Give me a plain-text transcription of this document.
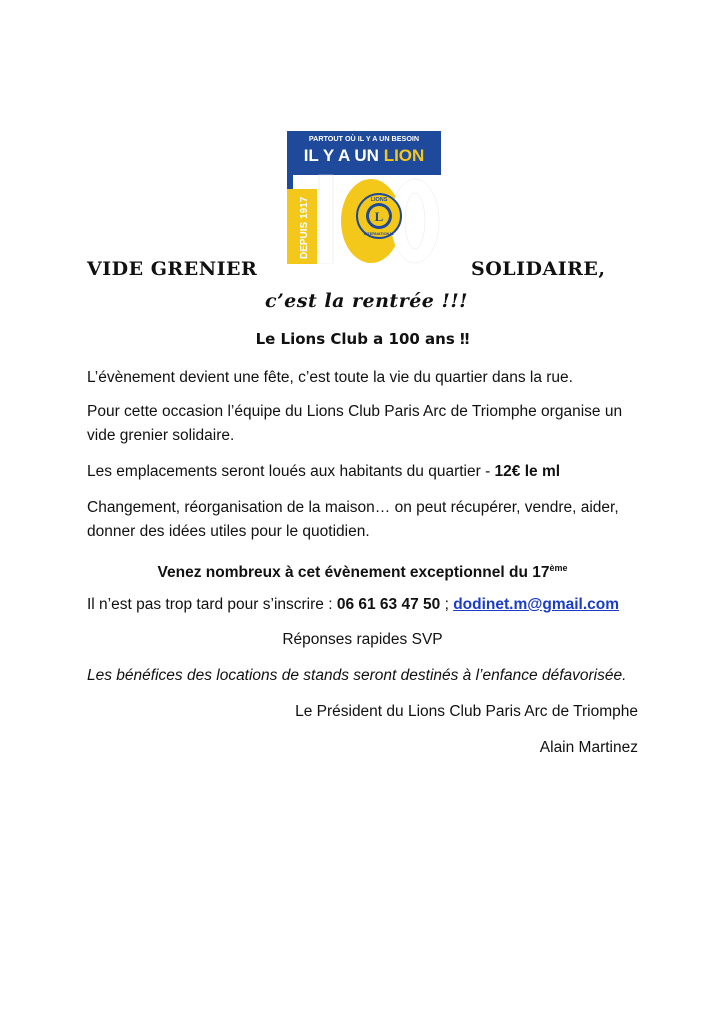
PARTOUT OÙ IL Y A UN BESOIN
IL Y A UN LION
DEPUIS 1917	L
LIONS
INTERNATIONAL
VIDE GRENIER	SOLIDAIRE,
c’est la rentrée !!!
Le Lions Club a 100 ans ‼
L’évènement devient une fête, c’est toute la vie du quartier dans la rue.
Pour cette occasion l’équipe du Lions Club Paris Arc de Triomphe organise un
vide grenier solidaire.
Les emplacements seront loués aux habitants du quartier - 12€ le ml
Changement, réorganisation de la maison… on peut récupérer, vendre, aider,
donner des idées utiles pour le quotidien.
Venez nombreux à cet évènement exceptionnel du 17ème
Il n’est pas trop tard pour s’inscrire : 06 61 63 47 50 ; dodinet.m@gmail.com
Réponses rapides SVP
Les bénéfices des locations de stands seront destinés à l’enfance défavorisée.
Le Président du Lions Club Paris Arc de Triomphe
Alain Martinez
